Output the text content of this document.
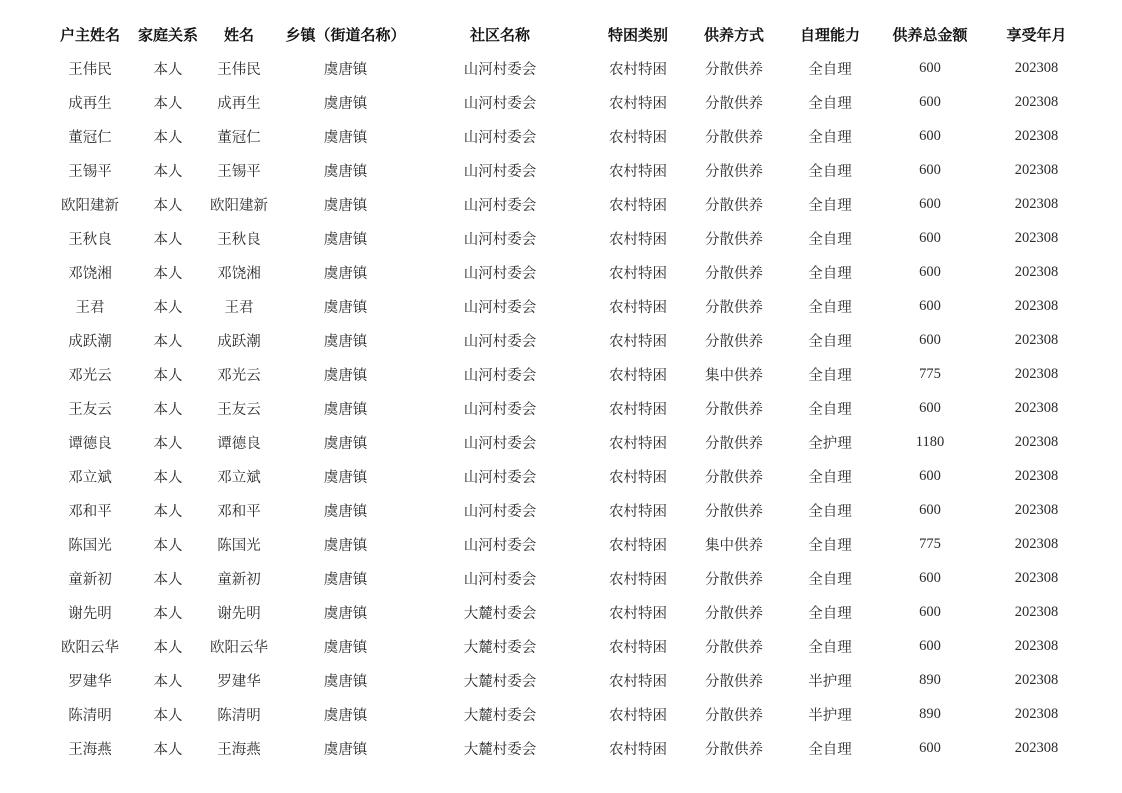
户主姓名	家庭关系	姓名	乡镇（街道名称）	社区名称	特困类别	供养方式	自理能力	供养总金额	享受年月
王伟民	本人	王伟民	虞唐镇	山河村委会	农村特困	分散供养	全自理	600	202308
成再生	本人	成再生	虞唐镇	山河村委会	农村特困	分散供养	全自理	600	202308
董冠仁	本人	董冠仁	虞唐镇	山河村委会	农村特困	分散供养	全自理	600	202308
王锡平	本人	王锡平	虞唐镇	山河村委会	农村特困	分散供养	全自理	600	202308
欧阳建新	本人	欧阳建新	虞唐镇	山河村委会	农村特困	分散供养	全自理	600	202308
王秋良	本人	王秋良	虞唐镇	山河村委会	农村特困	分散供养	全自理	600	202308
邓饶湘	本人	邓饶湘	虞唐镇	山河村委会	农村特困	分散供养	全自理	600	202308
王君	本人	王君	虞唐镇	山河村委会	农村特困	分散供养	全自理	600	202308
成跃潮	本人	成跃潮	虞唐镇	山河村委会	农村特困	分散供养	全自理	600	202308
邓光云	本人	邓光云	虞唐镇	山河村委会	农村特困	集中供养	全自理	775	202308
王友云	本人	王友云	虞唐镇	山河村委会	农村特困	分散供养	全自理	600	202308
谭德良	本人	谭德良	虞唐镇	山河村委会	农村特困	分散供养	全护理	1180	202308
邓立斌	本人	邓立斌	虞唐镇	山河村委会	农村特困	分散供养	全自理	600	202308
邓和平	本人	邓和平	虞唐镇	山河村委会	农村特困	分散供养	全自理	600	202308
陈国光	本人	陈国光	虞唐镇	山河村委会	农村特困	集中供养	全自理	775	202308
童新初	本人	童新初	虞唐镇	山河村委会	农村特困	分散供养	全自理	600	202308
谢先明	本人	谢先明	虞唐镇	大麓村委会	农村特困	分散供养	全自理	600	202308
欧阳云华	本人	欧阳云华	虞唐镇	大麓村委会	农村特困	分散供养	全自理	600	202308
罗建华	本人	罗建华	虞唐镇	大麓村委会	农村特困	分散供养	半护理	890	202308
陈清明	本人	陈清明	虞唐镇	大麓村委会	农村特困	分散供养	半护理	890	202308
王海燕	本人	王海燕	虞唐镇	大麓村委会	农村特困	分散供养	全自理	600	202308
